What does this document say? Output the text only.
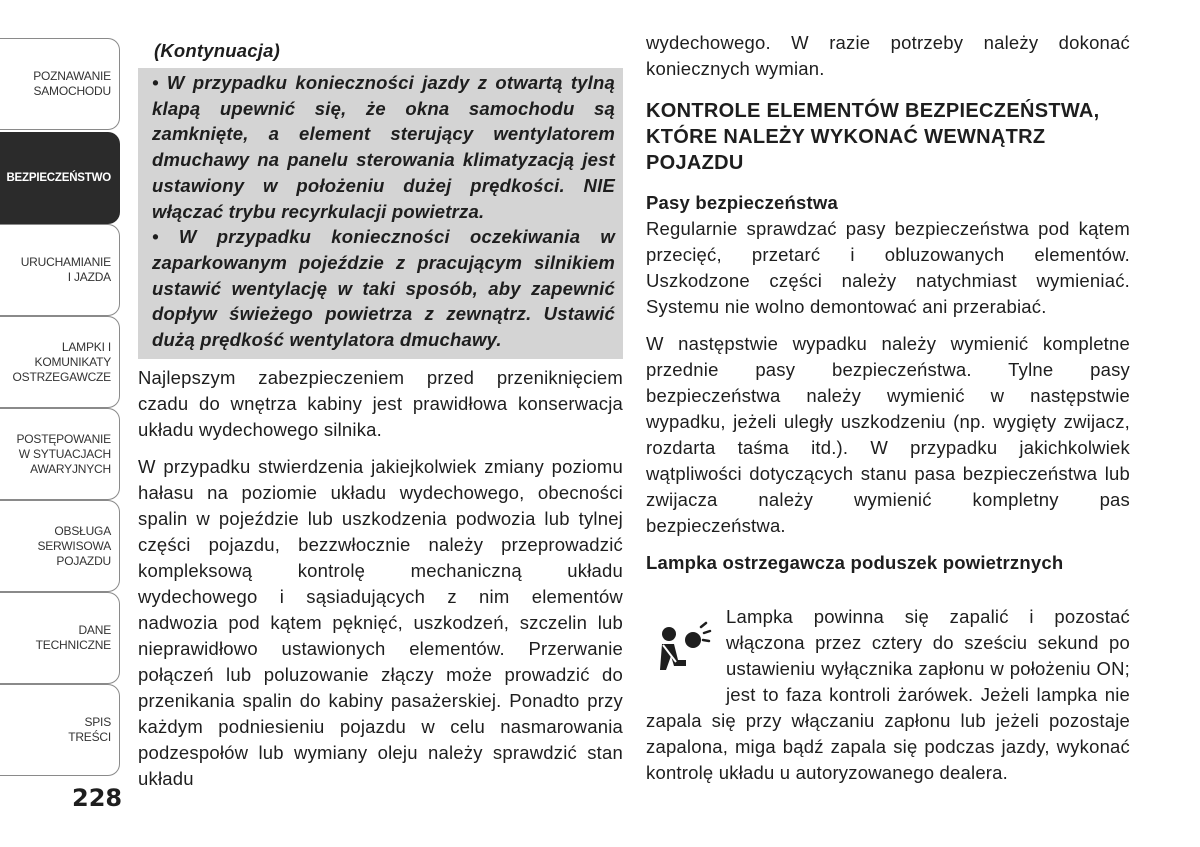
POZNAWANIE
SAMOCHODU
BEZPIECZEŃSTWO
URUCHAMIANIE
I JAZDA
LAMPKI I
KOMUNIKATY
OSTRZEGAWCZE
POSTĘPOWANIE
W SYTUACJACH
AWARYJNYCH
OBSŁUGA
SERWISOWA
POJAZDU
DANE
TECHNICZNE
SPIS
TREŚCI
228

(Kontynuacja)

• W przypadku konieczności jazdy z otwartą tylną klapą upewnić się, że okna samochodu są zamknięte, a element sterujący wentylatorem dmuchawy na panelu sterowania klimatyzacją jest ustawiony w położeniu dużej prędkości. NIE włączać trybu recyrkulacji powietrza.

• W przypadku konieczności oczekiwania w zaparkowanym pojeździe z pracującym silnikiem ustawić wentylację w taki sposób, aby zapewnić dopływ świeżego powietrza z zewnątrz. Ustawić dużą prędkość wentylatora dmuchawy.

Najlepszym zabezpieczeniem przed przeniknięciem czadu do wnętrza kabiny jest prawidłowa konserwacja układu wydechowego silnika.

W przypadku stwierdzenia jakiejkolwiek zmiany poziomu hałasu na poziomie układu wydechowego, obecności spalin w pojeździe lub uszkodzenia podwozia lub tylnej części pojazdu, bezzwłocznie należy przeprowadzić kompleksową kontrolę mechaniczną układu wydechowego i sąsiadujących z nim elementów nadwozia pod kątem pęknięć, uszkodzeń, szczelin lub nieprawidłowo ustawionych elementów. Przerwanie połączeń lub poluzowanie złączy może prowadzić do przenikania spalin do kabiny pasażerskiej. Ponadto przy każdym podniesieniu pojazdu w celu nasmarowania podzespołów lub wymiany oleju należy sprawdzić stan układu

wydechowego. W razie potrzeby należy dokonać koniecznych wymian.

KONTROLE ELEMENTÓW BEZPIECZEŃSTWA, KTÓRE NALEŻY WYKONAĆ WEWNĄTRZ POJAZDU

Pasy bezpieczeństwa

Regularnie sprawdzać pasy bezpieczeństwa pod kątem przecięć, przetarć i obluzowanych elementów. Uszkodzone części należy natychmiast wymieniać. Systemu nie wolno demontować ani przerabiać.

W następstwie wypadku należy wymienić kompletne przednie pasy bezpieczeństwa. Tylne pasy bezpieczeństwa należy wymienić w następstwie wypadku, jeżeli uległy uszkodzeniu (np. wygięty zwijacz, rozdarta taśma itd.). W przypadku jakichkolwiek wątpliwości dotyczących stanu pasa bezpieczeństwa lub zwijacza należy wymienić kompletny pas bezpieczeństwa.

Lampka ostrzegawcza poduszek powietrznych

Lampka powinna się zapalić i pozostać włączona przez cztery do sześciu sekund po ustawieniu wyłącznika zapłonu w położeniu ON; jest to faza kontroli żarówek. Jeżeli lampka nie zapala się przy włączaniu zapłonu lub jeżeli pozostaje zapalona, miga bądź zapala się podczas jazdy, wykonać kontrolę układu u autoryzowanego dealera.
